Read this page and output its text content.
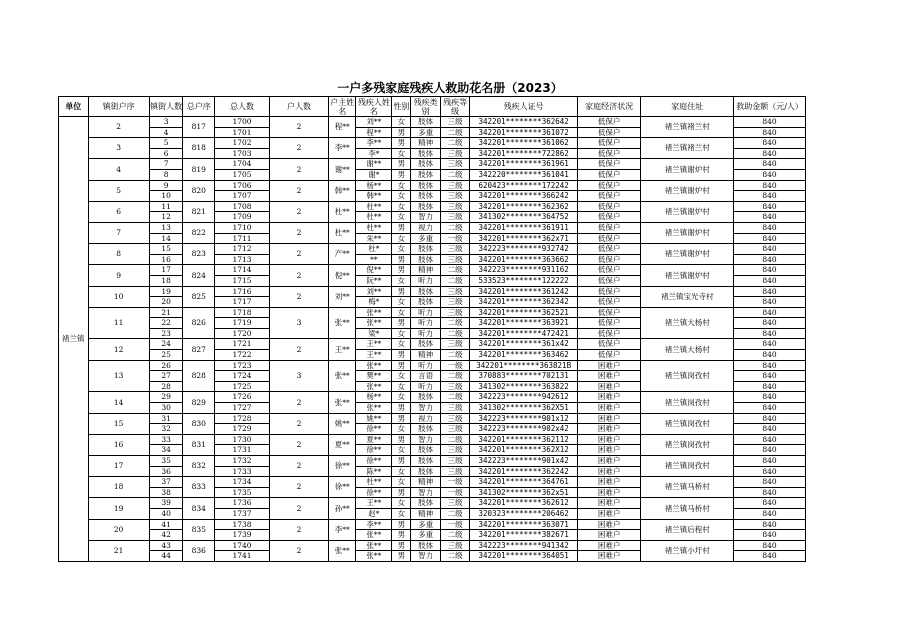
一户多残家庭残疾人救助花名册（2023）
单位	镇街户序	镇街人数	总户序	总人数	户人数	户主姓名	残疾人姓名	性别	残疾类别	残疾等级	残疾人证号	家庭经济状况	家庭住址	救助金额（元/人）
褚兰镇	2	3	817	1700	2	程**	刘**	女	肢体	三级	342201********362642	低保户	褚兰镇褚兰村	840
		4		1701			程**	男	多重	二级	342201********361072	低保户		840
	3	5	818	1702	2	李**	李**	男	精神	二级	342201********361062	低保户	褚兰镇褚兰村	840
		6		1703			李*	女	肢体	三级	342201********722862	低保户		840
	4	7	819	1704	2	谢**	谢**	男	肢体	三级	342201********361961	低保户	褚兰镇谢炉村	840
		8		1705			谢*	男	肢体	二级	342220********361041	低保户		840
	5	9	820	1706	2	韩**	杨**	女	肢体	三级	620423********172242	低保户	褚兰镇谢炉村	840
		10		1707			韩**	女	肢体	三级	342201********366242	低保户		840
	6	11	821	1708	2	杜**	杜**	女	肢体	三级	342201********362362	低保户	褚兰镇谢炉村	840
		12		1709			杜**	女	智力	三级	341302********364752	低保户		840
	7	13	822	1710	2	杜**	杜**	男	视力	二级	342201********361911	低保户	褚兰镇谢炉村	840
		14		1711			朱**	女	多重	一级	342201********362x71	低保户		840
	8	15	823	1712	2	产**	杜*	女	肢体	三级	342223********932742	低保户	褚兰镇谢炉村	840
		16		1713			**	男	肢体	三级	342201********363662	低保户		840
	9	17	824	1714	2	倪**	倪**	男	精神	二级	342223********931162	低保户	褚兰镇谢炉村	840
		18		1715			阮**	女	听力	二级	533523********122222	低保户		840
	10	19	825	1716	2	刘**	刘**	男	肢体	三级	342201********361242	低保户	褚兰镇宝光寺村	840
		20		1717			梅*	女	肢体	三级	342201********362342	低保户		840
	11	21	826	1718	3	张**	张**	女	听力	三级	342201********362521	低保户	褚兰镇大杨村	840
		22		1719			张**	男	听力	二级	342201********363921	低保户		840
		23		1720			梁*	女	听力	二级	342201********472421	低保户		840
	12	24	827	1721	2	王**	王**	女	肢体	三级	342201********361x42	低保户	褚兰镇大杨村	840
		25		1722			王**	男	精神	二级	342201********363462	低保户		840
	13	26	828	1723	3	张**	张**	男	听力	一级	342201********363821B	困难户	褚兰镇岗孜村	840
		27		1724			樊**	女	言语	二级	370883********702131	困难户		840
		28		1725			张**	女	听力	三级	341302********363822	困难户		840
	14	29	829	1726	2	张**	杨**	女	肢体	二级	342223********942612	困难户	褚兰镇岗孜村	840
		30		1727			张**	男	智力	三级	341302********362X51	困难户		840
	15	31	830	1728	2	姚**	姚**	男	视力	三级	342223********901x12	困难户	褚兰镇岗孜村	840
		32		1729			徐**	女	肢体	三级	342223********902x42	困难户		840
	16	33	831	1730	2	夏**	夏**	男	智力	二级	342201********362112	困难户	褚兰镇岗孜村	840
		34		1731			徐**	女	肢体	三级	342201********362X12	困难户		840
	17	35	832	1732	2	徐**	徐**	男	肢体	三级	342223********901x42	困难户	褚兰镇岗孜村	840
		36		1733			陈**	女	肢体	三级	342201********362242	困难户		840
	18	37	833	1734	2	徐**	杜**	女	精神	一级	342201********364761	困难户	褚兰镇马桥村	840
		38		1735			徐**	男	智力	一级	341302********362x51	困难户		840
	19	39	834	1736	2	孙**	王**	女	肢体	三级	342201********362612	困难户	褚兰镇马桥村	840
		40		1737			赵*	女	精神	二级	320323********206462	困难户		840
	20	41	835	1738	2	李**	李**	男	多重	一级	342201********363071	困难户	褚兰镇后程村	840
		42		1739			张**	男	多重	二级	342201********382671	困难户		840
	21	43	836	1740	2	张**	张**	男	肢体	三级	342223********941342	困难户	褚兰镇小圩村	840
		44		1741			张**	男	智力	二级	342201********364051	困难户		840
